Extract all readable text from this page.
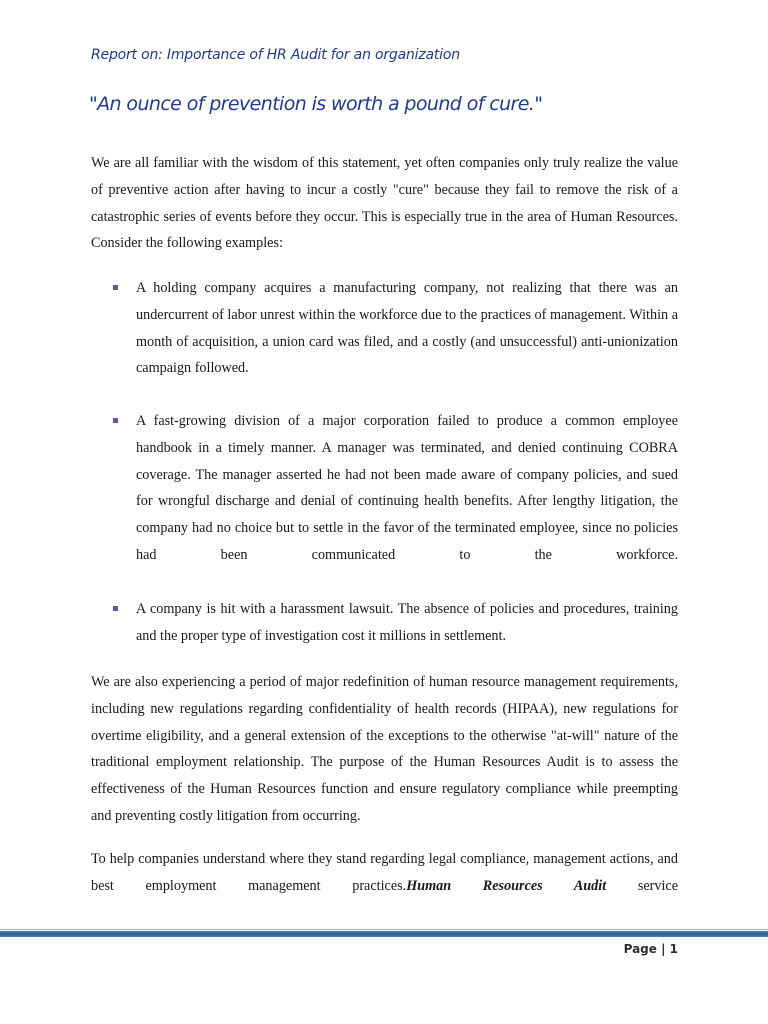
Report on: Importance of HR Audit for an organization
"An ounce of prevention is worth a pound of cure."

We are all familiar with the wisdom of this statement, yet often companies only truly realize the value of preventive action after having to incur a costly "cure" because they fail to remove the risk of a catastrophic series of events before they occur. This is especially true in the area of Human Resources. Consider the following examples:

A holding company acquires a manufacturing company, not realizing that there was an undercurrent of labor unrest within the workforce due to the practices of management. Within a month of acquisition, a union card was filed, and a costly (and unsuccessful) anti-unionization campaign followed.
A fast-growing division of a major corporation failed to produce a common employee handbook in a timely manner. A manager was terminated, and denied continuing COBRA coverage. The manager asserted he had not been made aware of company policies, and sued for wrongful discharge and denial of continuing health benefits. After lengthy litigation, the company had no choice but to settle in the favor of the terminated employee, since no policies had been communicated to the workforce.
A company is hit with a harassment lawsuit. The absence of policies and procedures, training and the proper type of investigation cost it millions in settlement.

We are also experiencing a period of major redefinition of human resource management requirements, including new regulations regarding confidentiality of health records (HIPAA), new regulations for overtime eligibility, and a general extension of the exceptions to the otherwise "at-will" nature of the traditional employment relationship. The purpose of the Human Resources Audit is to assess the effectiveness of the Human Resources function and ensure regulatory compliance while preempting and preventing costly litigation from occurring.

To help companies understand where they stand regarding legal compliance, management actions, and best employment management practices.Human Resources Audit service

Page | 1
